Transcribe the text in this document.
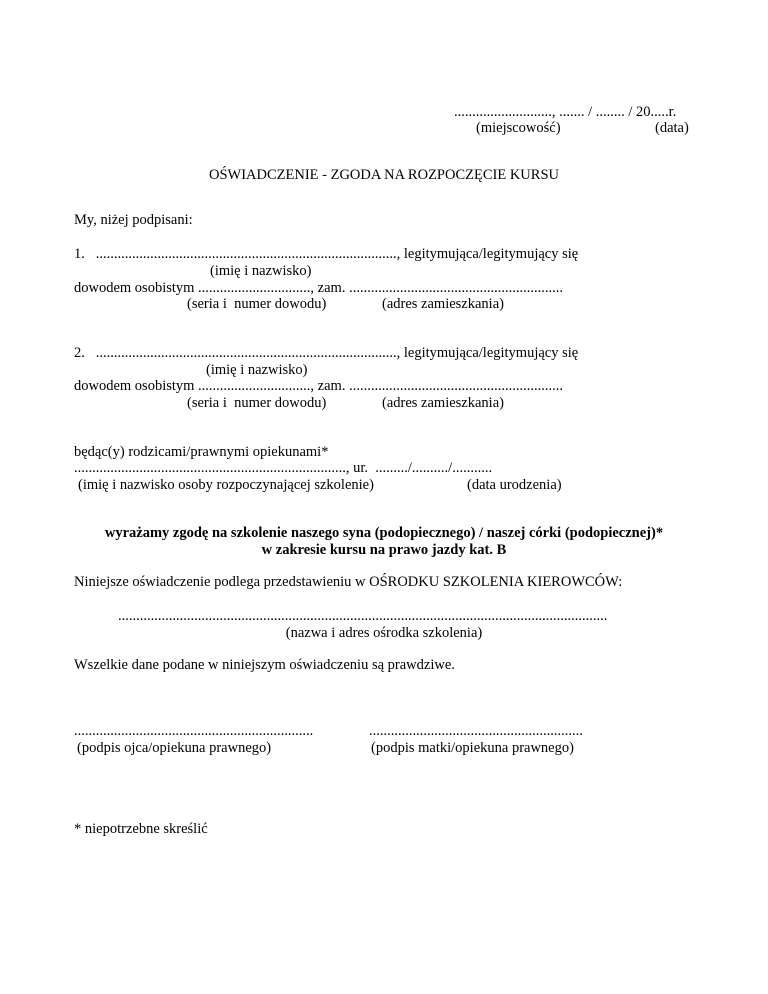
..........................., ....... / ........ / 20.....r.
(miejscowość)	(data)
OŚWIADCZENIE - ZGODA NA ROZPOCZĘCIE KURSU
My, niżej podpisani:
1.   ..................................................................................., legitymująca/legitymujący się
(imię i nazwisko)
dowodem osobistym ..............................., zam. ...........................................................
(seria i  numer dowodu)	(adres zamieszkania)
2.   ..................................................................................., legitymująca/legitymujący się
(imię i nazwisko)
dowodem osobistym ..............................., zam. ...........................................................
(seria i  numer dowodu)	(adres zamieszkania)
będąc(y) rodzicami/prawnymi opiekunami*
..........................................................................., ur.  ........./........../...........
(imię i nazwisko osoby rozpoczynającej szkolenie)	(data urodzenia)
wyrażamy zgodę na szkolenie naszego syna (podopiecznego) / naszej córki (podopiecznej)*
w zakresie kursu na prawo jazdy kat. B
Niniejsze oświadczenie podlega przedstawieniu w OŚRODKU SZKOLENIA KIEROWCÓW:
.......................................................................................................................................
(nazwa i adres ośrodka szkolenia)
Wszelkie dane podane w niniejszym oświadczeniu są prawdziwe.
..................................................................
(podpis ojca/opiekuna prawnego)
...........................................................
(podpis matki/opiekuna prawnego)
* niepotrzebne skreślić
